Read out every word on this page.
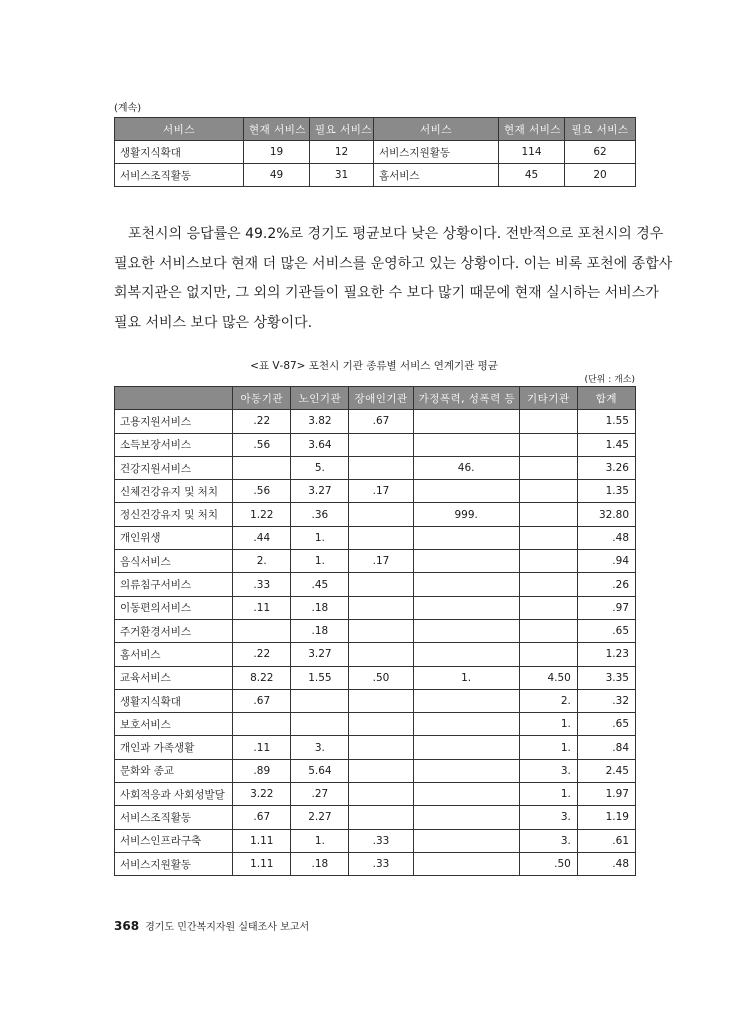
(계속)
서비스	현재 서비스	필요 서비스	서비스	현재 서비스	필요 서비스
생활지식확대	19	12	서비스지원활동	114	62
서비스조직활동	49	31	홈서비스	45	20
포천시의 응답률은 49.2%로 경기도 평균보다 낮은 상황이다. 전반적으로 포천시의 경우
필요한 서비스보다 현재 더 많은 서비스를 운영하고 있는 상황이다. 이는 비록 포천에 종합사
회복지관은 없지만, 그 외의 기관들이 필요한 수 보다 많기 때문에 현재 실시하는 서비스가
필요 서비스 보다 많은 상황이다.
<표 Ⅴ-87> 포천시 기관 종류별 서비스 연계기관 평균
(단위 : 개소)
	아동기관	노인기관	장애인기관	가정폭력, 성폭력 등	기타기관	합계
고용지원서비스	.22	3.82	.67			1.55
소득보장서비스	.56	3.64				1.45
건강지원서비스		5.		46.		3.26
신체건강유지 및 처치	.56	3.27	.17			1.35
정신건강유지 및 처치	1.22	.36		999.		32.80
개인위생	.44	1.				.48
음식서비스	2.	1.	.17			.94
의류침구서비스	.33	.45				.26
이동편의서비스	.11	.18				.97
주거환경서비스		.18				.65
홈서비스	.22	3.27				1.23
교육서비스	8.22	1.55	.50	1.	4.50	3.35
생활지식확대	.67				2.	.32
보호서비스					1.	.65
개인과 가족생활	.11	3.			1.	.84
문화와 종교	.89	5.64			3.	2.45
사회적응과 사회성발달	3.22	.27			1.	1.97
서비스조직활동	.67	2.27			3.	1.19
서비스인프라구축	1.11	1.	.33		3.	.61
서비스지원활동	1.11	.18	.33		.50	.48
368 경기도 민간복지자원 실태조사 보고서
